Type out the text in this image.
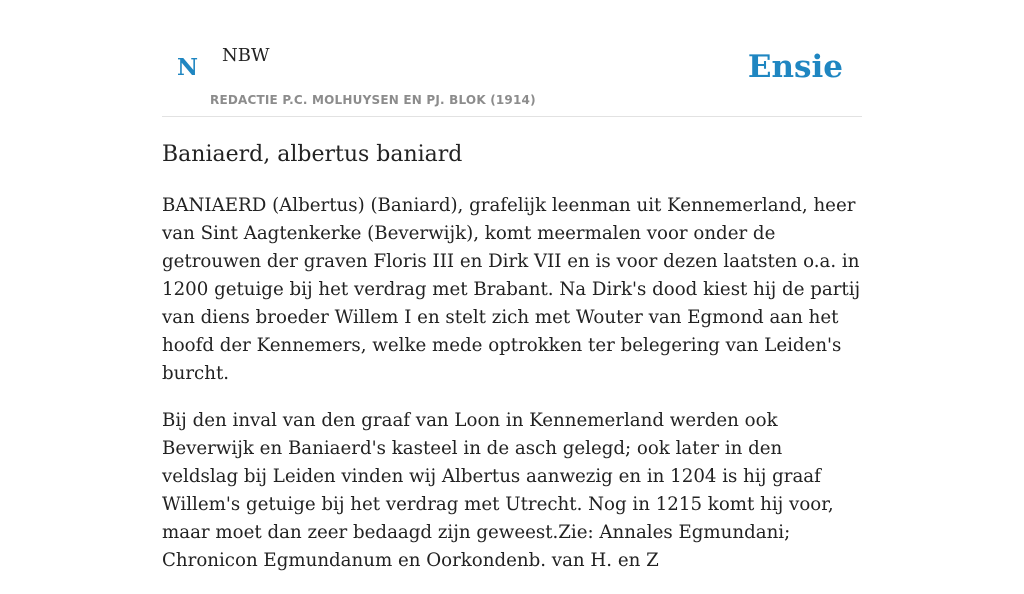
N NBW
REDACTIE P.C. MOLHUYSEN EN PJ. BLOK (1914)
Ensie
Baniaerd, albertus baniard

BANIAERD (Albertus) (Baniard), grafelijk leenman uit Kennemerland, heer van Sint Aagtenkerke (Beverwijk), komt meermalen voor onder de getrouwen der graven Floris III en Dirk VII en is voor dezen laatsten o.a. in 1200 getuige bij het verdrag met Brabant. Na Dirk's dood kiest hij de partij van diens broeder Willem I en stelt zich met Wouter van Egmond aan het hoofd der Kennemers, welke mede optrokken ter belegering van Leiden's burcht.

Bij den inval van den graaf van Loon in Kennemerland werden ook Beverwijk en Baniaerd's kasteel in de asch gelegd; ook later in den veldslag bij Leiden vinden wij Albertus aanwezig en in 1204 is hij graaf Willem's getuige bij het verdrag met Utrecht. Nog in 1215 komt hij voor, maar moet dan zeer bedaagd zijn geweest.Zie: Annales Egmundani; Chronicon Egmundanum en Oorkondenb. van H. en Z
